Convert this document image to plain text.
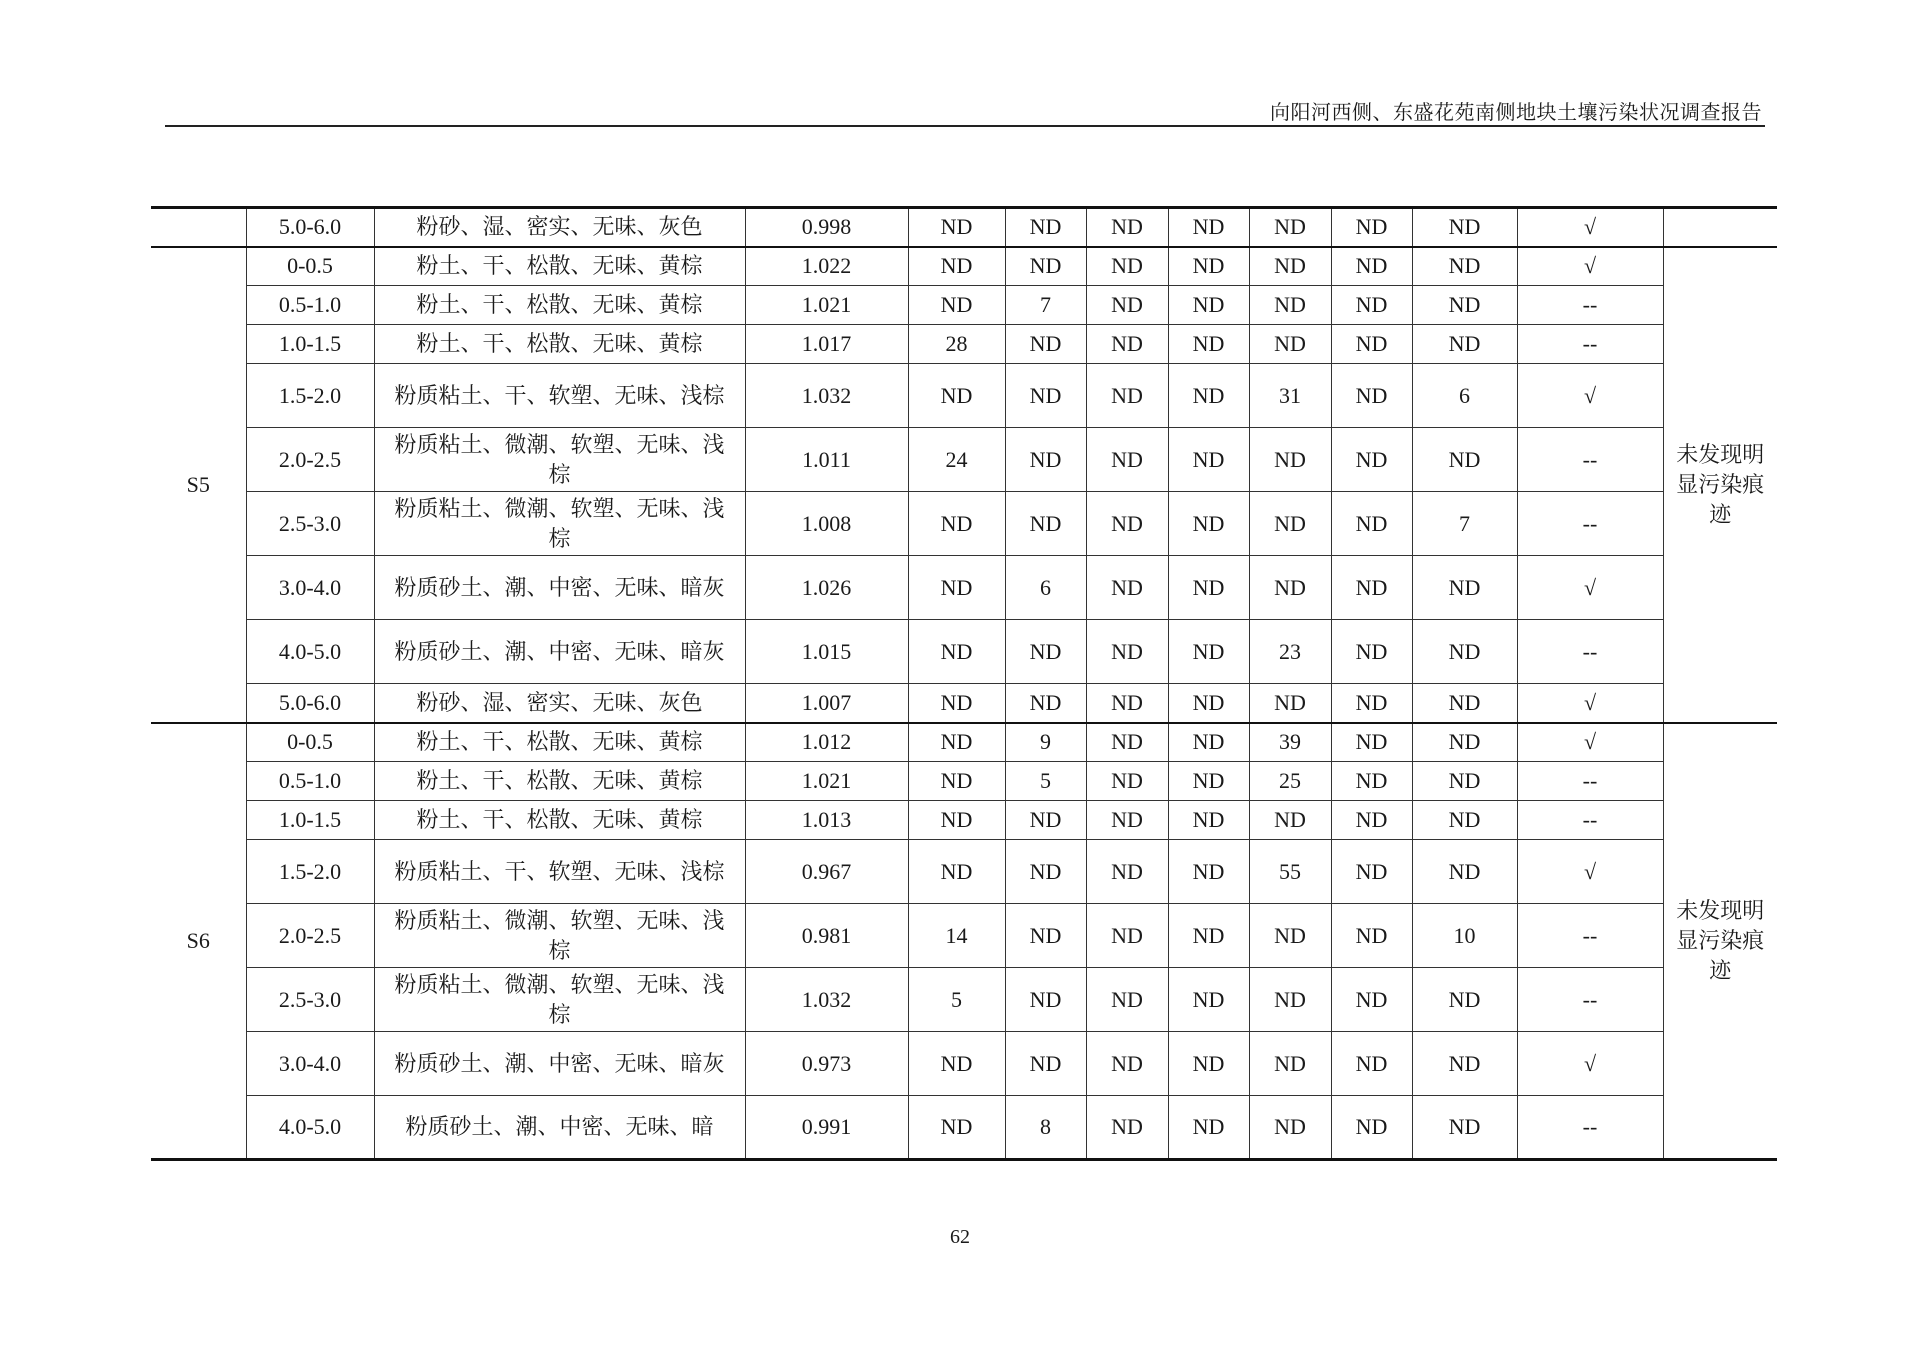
向阳河西侧、东盛花苑南侧地块土壤污染状况调查报告
	5.0-6.0	粉砂、湿、密实、无味、灰色	0.998	ND	ND	ND	ND	ND	ND	ND	√	
S5	0-0.5	粉土、干、松散、无味、黄棕	1.022	ND	ND	ND	ND	ND	ND	ND	√	未发现明显污染痕迹
	0.5-1.0	粉土、干、松散、无味、黄棕	1.021	ND	7	ND	ND	ND	ND	ND	--	
	1.0-1.5	粉土、干、松散、无味、黄棕	1.017	28	ND	ND	ND	ND	ND	ND	--	
	1.5-2.0	粉质粘土、干、软塑、无味、浅棕	1.032	ND	ND	ND	ND	31	ND	6	√	
	2.0-2.5	粉质粘土、微潮、软塑、无味、浅棕	1.011	24	ND	ND	ND	ND	ND	ND	--	
	2.5-3.0	粉质粘土、微潮、软塑、无味、浅棕	1.008	ND	ND	ND	ND	ND	ND	7	--	
	3.0-4.0	粉质砂土、潮、中密、无味、暗灰	1.026	ND	6	ND	ND	ND	ND	ND	√	
	4.0-5.0	粉质砂土、潮、中密、无味、暗灰	1.015	ND	ND	ND	ND	23	ND	ND	--	
	5.0-6.0	粉砂、湿、密实、无味、灰色	1.007	ND	ND	ND	ND	ND	ND	ND	√	
S6	0-0.5	粉土、干、松散、无味、黄棕	1.012	ND	9	ND	ND	39	ND	ND	√	未发现明显污染痕迹
	0.5-1.0	粉土、干、松散、无味、黄棕	1.021	ND	5	ND	ND	25	ND	ND	--	
	1.0-1.5	粉土、干、松散、无味、黄棕	1.013	ND	ND	ND	ND	ND	ND	ND	--	
	1.5-2.0	粉质粘土、干、软塑、无味、浅棕	0.967	ND	ND	ND	ND	55	ND	ND	√	
	2.0-2.5	粉质粘土、微潮、软塑、无味、浅棕	0.981	14	ND	ND	ND	ND	ND	10	--	
	2.5-3.0	粉质粘土、微潮、软塑、无味、浅棕	1.032	5	ND	ND	ND	ND	ND	ND	--	
	3.0-4.0	粉质砂土、潮、中密、无味、暗灰	0.973	ND	ND	ND	ND	ND	ND	ND	√	
	4.0-5.0	粉质砂土、潮、中密、无味、暗	0.991	ND	8	ND	ND	ND	ND	ND	--	
62
